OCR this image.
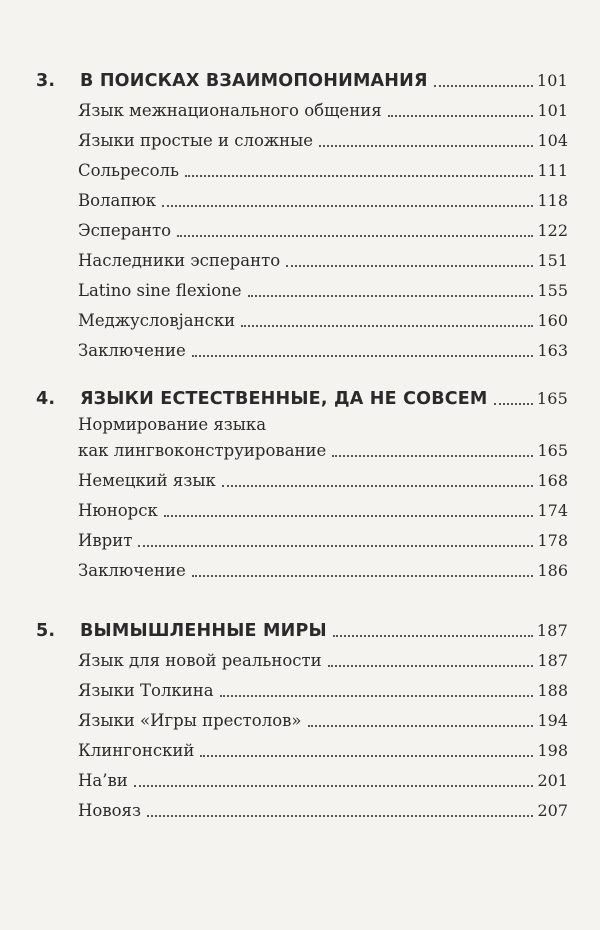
3.	В ПОИСКАХ ВЗАИМОПОНИМАНИЯ	101
Язык межнационального общения	101
Языки простые и сложные	104
Сольресоль	111
Волапюк	118
Эсперанто	122
Наследники эсперанто	151
Latino sine flexione	155
Меджусловјански	160
Заключение	163
4.	ЯЗЫКИ ЕСТЕСТВЕННЫЕ, ДА НЕ СОВСЕМ	165
Нормирование языка
как лингвоконструирование	165
Немецкий язык	168
Нюнорск	174
Иврит	178
Заключение	186
5.	ВЫМЫШЛЕННЫЕ МИРЫ	187
Язык для новой реальности	187
Языки Толкина	188
Языки «Игры престолов»	194
Клингонский	198
На’ви	201
Новояз	207
